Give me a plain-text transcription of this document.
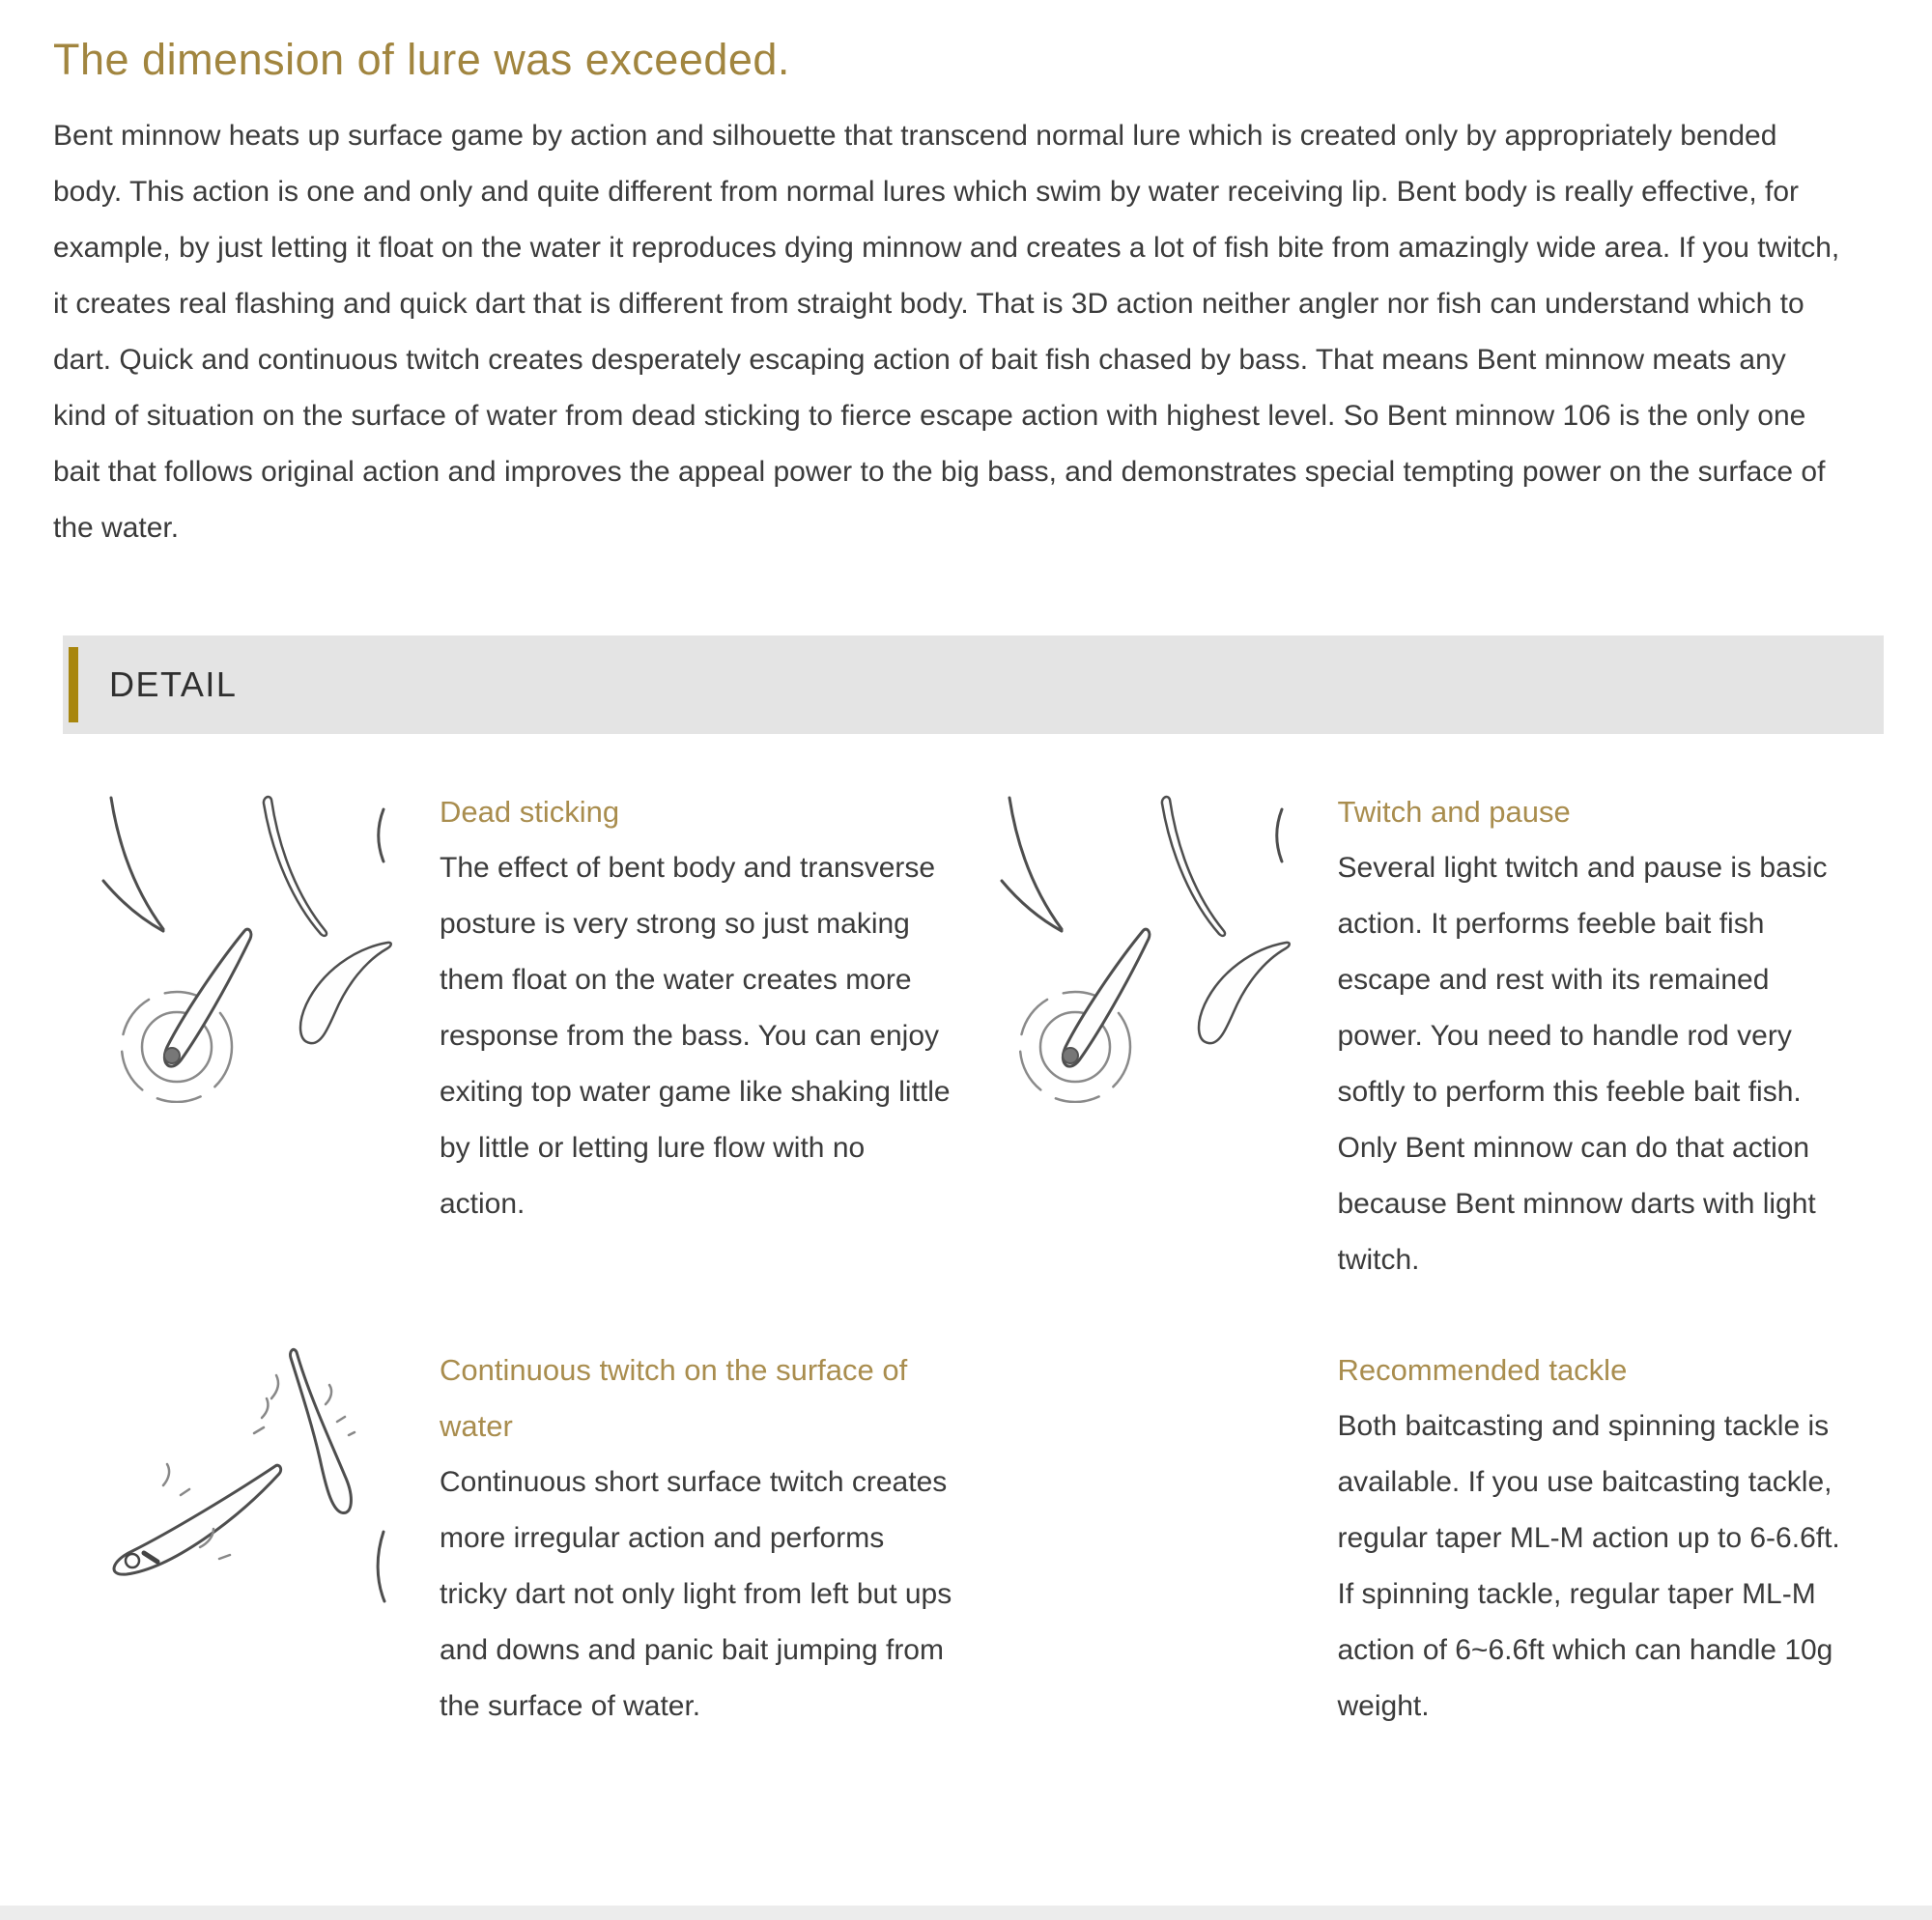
The dimension of lure was exceeded.

Bent minnow heats up surface game by action and silhouette that transcend normal lure which is created only by appropriately bended body. This action is one and only and quite different from normal lures which swim by water receiving lip. Bent body is really effective, for example, by just letting it float on the water it reproduces dying minnow and creates a lot of fish bite from amazingly wide area. If you twitch, it creates real flashing and quick dart that is different from straight body. That is 3D action neither angler nor fish can understand which to dart. Quick and continuous twitch creates desperately escaping action of bait fish chased by bass. That means Bent minnow meats any kind of situation on the surface of water from dead sticking to fierce escape action with highest level. So Bent minnow 106 is the only one bait that follows original action and improves the appeal power to the big bass, and demonstrates special tempting power on the surface of the water.

DETAIL
Dead sticking

The effect of bent body and transverse posture is very strong so just making them float on the water creates more response from the bass. You can enjoy exiting top water game like shaking little by little or letting lure flow with no action.

Twitch and pause

Several light twitch and pause is basic action. It performs feeble bait fish escape and rest with its remained power. You need to handle rod very softly to perform this feeble bait fish. Only Bent minnow can do that action because Bent minnow darts with light twitch.

Continuous twitch on the surface of water

Continuous short surface twitch creates more irregular action and performs tricky dart not only light from left but ups and downs and panic bait jumping from the surface of water.

Recommended tackle

Both baitcasting and spinning tackle is available. If you use baitcasting tackle, regular taper ML-M action up to 6-6.6ft. If spinning tackle, regular taper ML-M action of 6~6.6ft which can handle 10g weight.
